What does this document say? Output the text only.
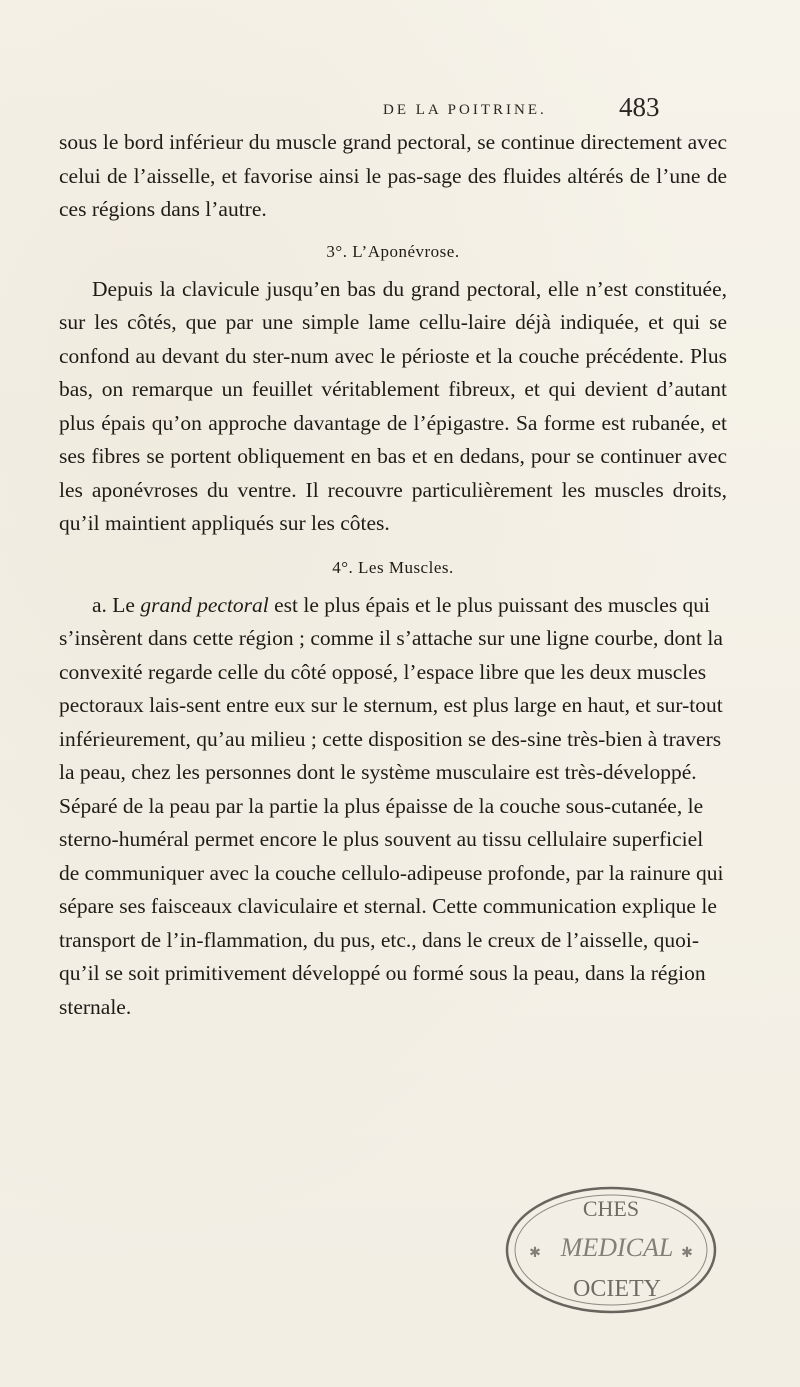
DE LA POITRINE.	483

sous le bord inférieur du muscle grand pectoral, se continue directement avec celui de l’aisselle, et favorise ainsi le pas-sage des fluides altérés de l’une de ces régions dans l’autre.

3°. L’Aponévrose.

Depuis la clavicule jusqu’en bas du grand pectoral, elle n’est constituée, sur les côtés, que par une simple lame cellu-laire déjà indiquée, et qui se confond au devant du ster-num avec le périoste et la couche précédente. Plus bas, on remarque un feuillet véritablement fibreux, et qui devient d’autant plus épais qu’on approche davantage de l’épigastre. Sa forme est rubanée, et ses fibres se portent obliquement en bas et en dedans, pour se continuer avec les aponévroses du ventre. Il recouvre particulièrement les muscles droits, qu’il maintient appliqués sur les côtes.

4°. Les Muscles.

a. Le grand pectoral est le plus épais et le plus puissant des muscles qui s’insèrent dans cette région ; comme il s’attache sur une ligne courbe, dont la convexité regarde celle du côté opposé, l’espace libre que les deux muscles pectoraux lais-sent entre eux sur le sternum, est plus large en haut, et sur-tout inférieurement, qu’au milieu ; cette disposition se des-sine très-bien à travers la peau, chez les personnes dont le système musculaire est très-développé. Séparé de la peau par la partie la plus épaisse de la couche sous-cutanée, le sterno-huméral permet encore le plus souvent au tissu cellulaire superficiel de communiquer avec la couche cellulo-adipeuse profonde, par la rainure qui sépare ses faisceaux claviculaire et sternal. Cette communication explique le transport de l’in-flammation, du pus, etc., dans le creux de l’aisselle, quoi-qu’il se soit primitivement développé ou formé sous la peau, dans la région sternale.

CHES
MEDICAL
OCIETY
✱	✱
